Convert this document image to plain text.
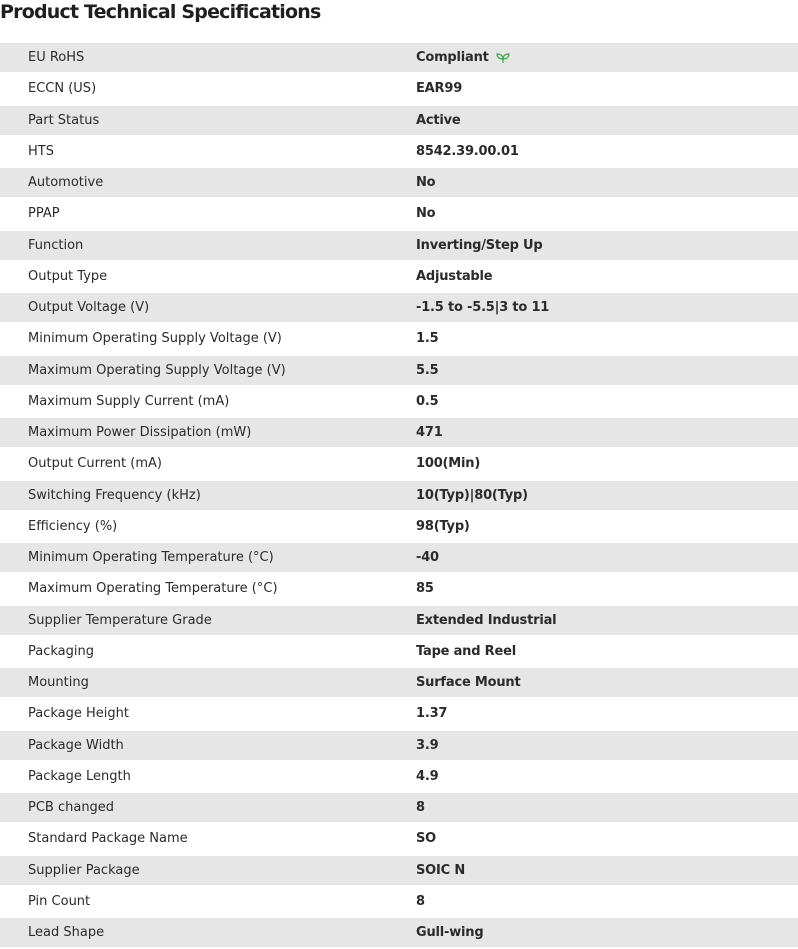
Product Technical Specifications
EU RoHS	Compliant
ECCN (US)	EAR99
Part Status	Active
HTS	8542.39.00.01
Automotive	No
PPAP	No
Function	Inverting/Step Up
Output Type	Adjustable
Output Voltage (V)	-1.5 to -5.5|3 to 11
Minimum Operating Supply Voltage (V)	1.5
Maximum Operating Supply Voltage (V)	5.5
Maximum Supply Current (mA)	0.5
Maximum Power Dissipation (mW)	471
Output Current (mA)	100(Min)
Switching Frequency (kHz)	10(Typ)|80(Typ)
Efficiency (%)	98(Typ)
Minimum Operating Temperature (°C)	-40
Maximum Operating Temperature (°C)	85
Supplier Temperature Grade	Extended Industrial
Packaging	Tape and Reel
Mounting	Surface Mount
Package Height	1.37
Package Width	3.9
Package Length	4.9
PCB changed	8
Standard Package Name	SO
Supplier Package	SOIC N
Pin Count	8
Lead Shape	Gull-wing
